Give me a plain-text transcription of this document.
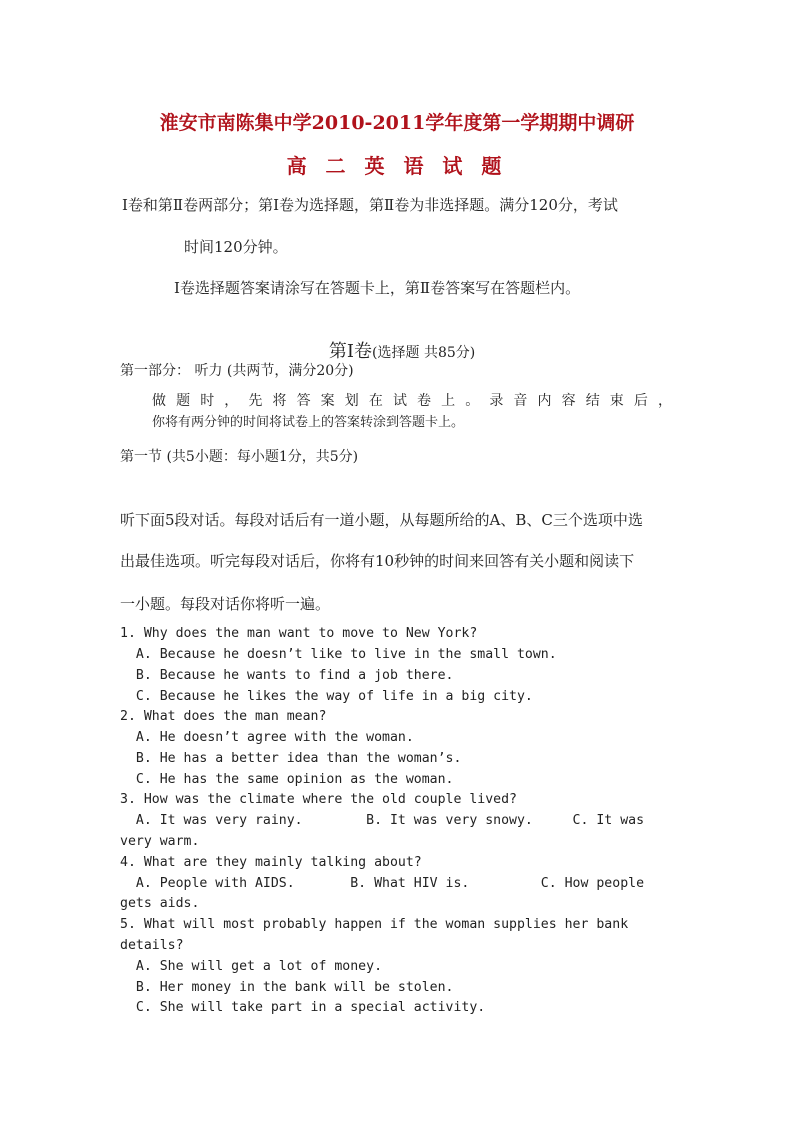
淮安市南陈集中学2010-2011学年度第一学期期中调研
高 二 英 语 试 题
Ⅰ卷和第Ⅱ卷两部分；第Ⅰ卷为选择题，第Ⅱ卷为非选择题。满分120分，考试
时间120分钟。
Ⅰ卷选择题答案请涂写在答题卡上，第Ⅱ卷答案写在答题栏内。

第Ⅰ卷(选择题 共85分)

第一部分： 听力 (共两节，满分20分)
做题时，先将答案划在试卷上。录音内容结束后，
你将有两分钟的时间将试卷上的答案转涂到答题卡上。
第一节 (共5小题：每小题1分，共5分)
听下面5段对话。每段对话后有一道小题，从每题所给的A、B、C三个选项中选
出最佳选项。听完每段对话后，你将有10秒钟的时间来回答有关小题和阅读下
一小题。每段对话你将听一遍。
1. Why does the man want to move to New York?
A. Because he doesn’t like to live in the small town.
B. Because he wants to find a job there.
C. Because he likes the way of life in a big city.
2. What does the man mean?
A. He doesn’t agree with the woman.
B. He has a better idea than the woman’s.
C. He has the same opinion as the woman.
3. How was the climate where the old couple lived?
A. It was very rainy.        B. It was very snowy.     C. It was
very warm.
4. What are they mainly talking about?
A. People with AIDS.       B. What HIV is.         C. How people
gets aids.
5. What will most probably happen if the woman supplies her bank
details?
A. She will get a lot of money.
B. Her money in the bank will be stolen.
C. She will take part in a special activity.
